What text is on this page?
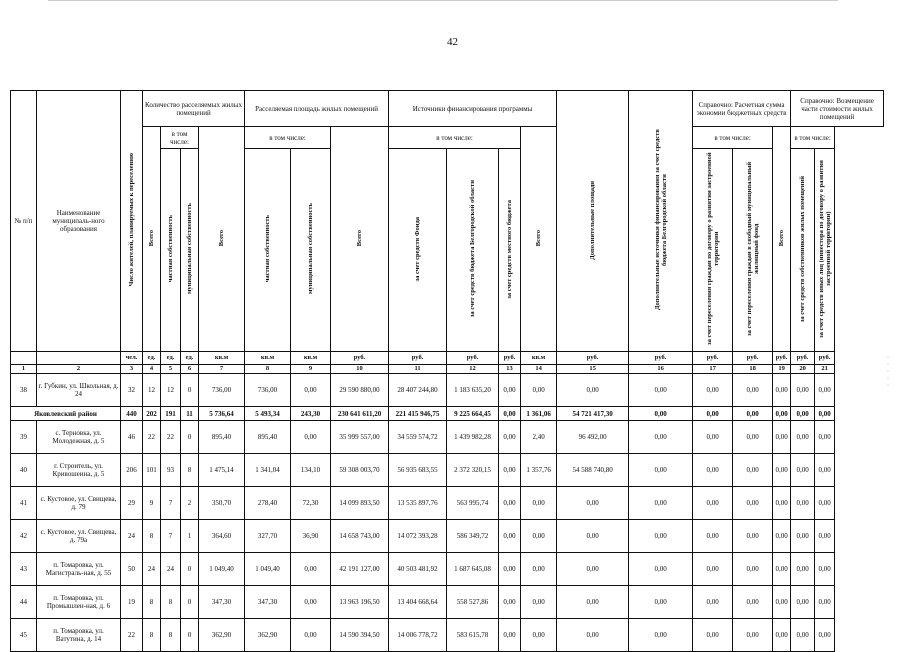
42
№ п/п	Наименование муниципаль-ного образования	Число жителей, планируемых к переселению	Количество расселяемых жилых помещений				Расселяемая площадь жилых помещений			Источники финансирования программы				Дополнительные площади	Дополнительные источники финансирования за счет средств бюджета Белгородской области	Справочно: Расчетная сумма экономии бюджетных средств			Справочно: Возмещение части стоимости жилых помещений	
			Всего	в том числе:		Всего	в том числе:		Всего	в том числе:			Всего			в том числе:		Всего	в том числе:	
				частная собственность	муниципальная собственность		частная собственность	муниципальная собственность		за счет средств Фонда	за счет средств бюджета Белгородской области	за счет средств местного бюджета				за счет переселения граждан по договору о развитии застроенной территории	за счет переселения граждан в свободный муниципальный жилищный фонд		за счет средств собственников жилых помещений	за счет средств иных лиц (инвестора по договору о развитии застроенной территории)
		чел.	ед.	ед.	ед.	кв.м	кв.м	кв.м	руб.	руб.	руб.	руб.	кв.м	руб.	руб.	руб.	руб.	руб.	руб.	руб.
1	2	3	4	5	6	7	8	9	10	11	12	13	14	15	16	17	18	19	20	21
38	г. Губкин, ул. Школьная, д. 24	32	12	12	0	736,00	736,00	0,00	29 590 880,00	28 407 244,80	1 183 635,20	0,00	0,00	0,00	0,00	0,00	0,00	0,00	0,00	0,00
Яковлевский район		440	202	191	11	5 736,64	5 493,34	243,30	230 641 611,20	221 415 946,75	9 225 664,45	0,00	1 361,06	54 721 417,30	0,00	0,00	0,00	0,00	0,00	0,00
39	с. Терновка, ул. Молодежная, д. 5	46	22	22	0	895,40	895,40	0,00	35 999 557,00	34 559 574,72	1 439 982,28	0,00	2,40	96 492,00	0,00	0,00	0,00	0,00	0,00	0,00
40	г. Строитель, ул. Кривошеина, д. 5	206	101	93	8	1 475,14	1 341,04	134,10	59 308 003,70	56 935 683,55	2 372 320,15	0,00	1 357,76	54 588 740,80	0,00	0,00	0,00	0,00	0,00	0,00
41	с. Кустовое, ул. Свищева, д. 79	29	9	7	2	350,70	278,40	72,30	14 099 893,50	13 535 897,76	563 995,74	0,00	0,00	0,00	0,00	0,00	0,00	0,00	0,00	0,00
42	с. Кустовое, ул. Свищева, д. 79а	24	8	7	1	364,60	327,70	36,90	14 658 743,00	14 072 393,28	586 349,72	0,00	0,00	0,00	0,00	0,00	0,00	0,00	0,00	0,00
43	п. Томаровка, ул. Магистраль-ная, д. 55	50	24	24	0	1 049,40	1 049,40	0,00	42 191 127,00	40 503 481,92	1 687 645,08	0,00	0,00	0,00	0,00	0,00	0,00	0,00	0,00	0,00
44	п. Томаровка, ул. Промышлен-ная, д. 6	19	8	8	0	347,30	347,30	0,00	13 963 196,50	13 404 668,64	558 527,86	0,00	0,00	0,00	0,00	0,00	0,00	0,00	0,00	0,00
45	п. Томаровка, ул. Ватутина, д. 14	22	8	8	0	362,90	362,90	0,00	14 590 394,50	14 006 778,72	583 615,78	0,00	0,00	0,00	0,00	0,00	0,00	0,00	0,00	0,00
·
·
·
·
·
